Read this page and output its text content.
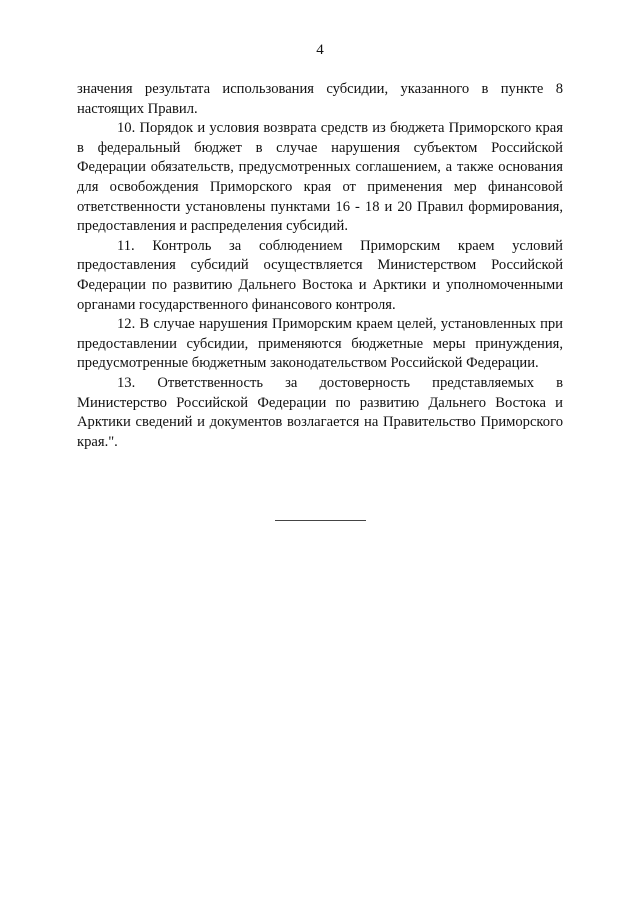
4

значения результата использования субсидии, указанного в пункте 8 настоящих Правил.

10. Порядок и условия возврата средств из бюджета Приморского края в федеральный бюджет в случае нарушения субъектом Российской Федерации обязательств, предусмотренных соглашением, а также основания для освобождения Приморского края от применения мер финансовой ответственности установлены пунктами 16 - 18 и 20 Правил формирования, предоставления и распределения субсидий.

11. Контроль за соблюдением Приморским краем условий предоставления субсидий осуществляется Министерством Российской Федерации по развитию Дальнего Востока и Арктики и уполномоченными органами государственного финансового контроля.

12. В случае нарушения Приморским краем целей, установленных при предоставлении субсидии, применяются бюджетные меры принуждения, предусмотренные бюджетным законодательством Российской Федерации.

13. Ответственность за достоверность представляемых в Министерство Российской Федерации по развитию Дальнего Востока и Арктики сведений и документов возлагается на Правительство Приморского края.".
